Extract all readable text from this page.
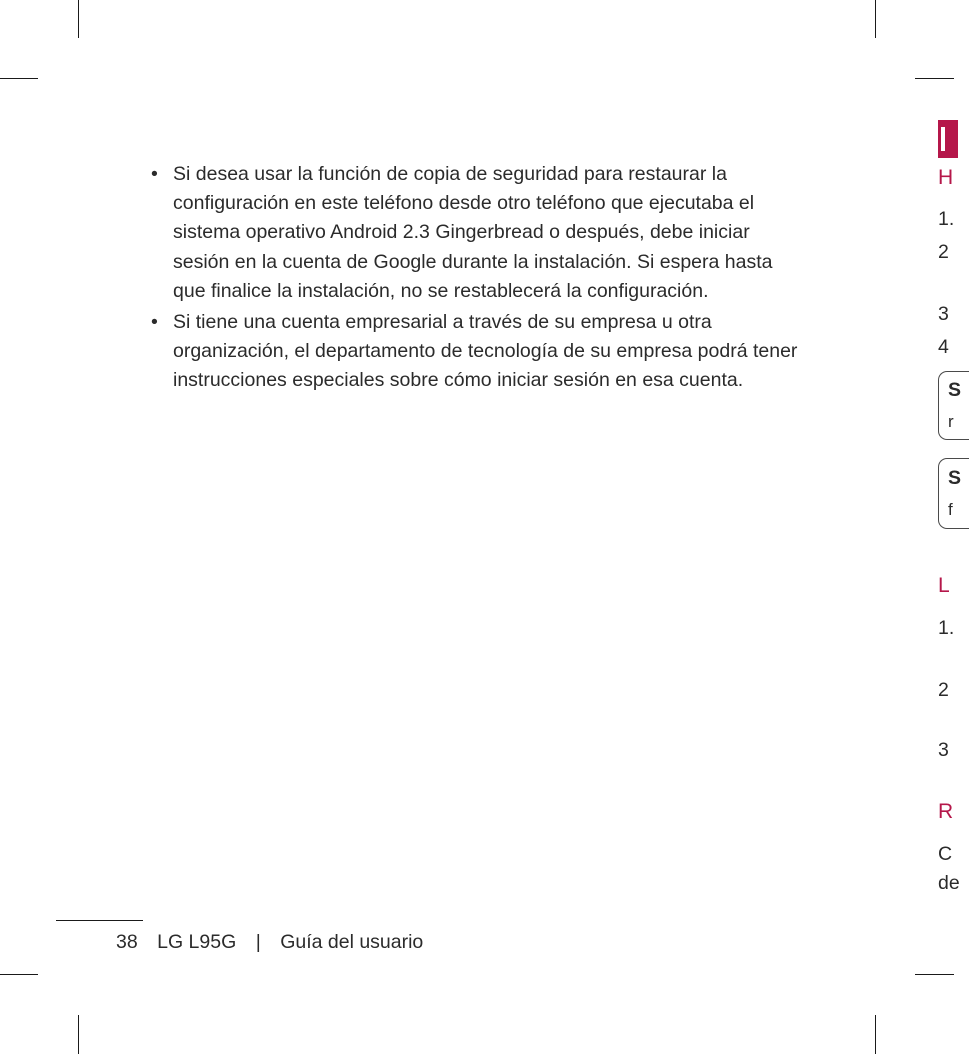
• Si desea usar la función de copia de seguridad para restaurar la configuración en este teléfono desde otro teléfono que ejecutaba el sistema operativo Android 2.3 Gingerbread o después, debe iniciar sesión en la cuenta de Google durante la instalación. Si espera hasta que finalice la instalación, no se restablecerá la configuración.
• Si tiene una cuenta empresarial a través de su empresa u otra organización, el departamento de tecnología de su empresa podrá tener instrucciones especiales sobre cómo iniciar sesión en esa cuenta.
38 LG L95G | Guía del usuario
H
1.
2
3
4
S
r
S
f
L
1.
2
3
R
C
de
